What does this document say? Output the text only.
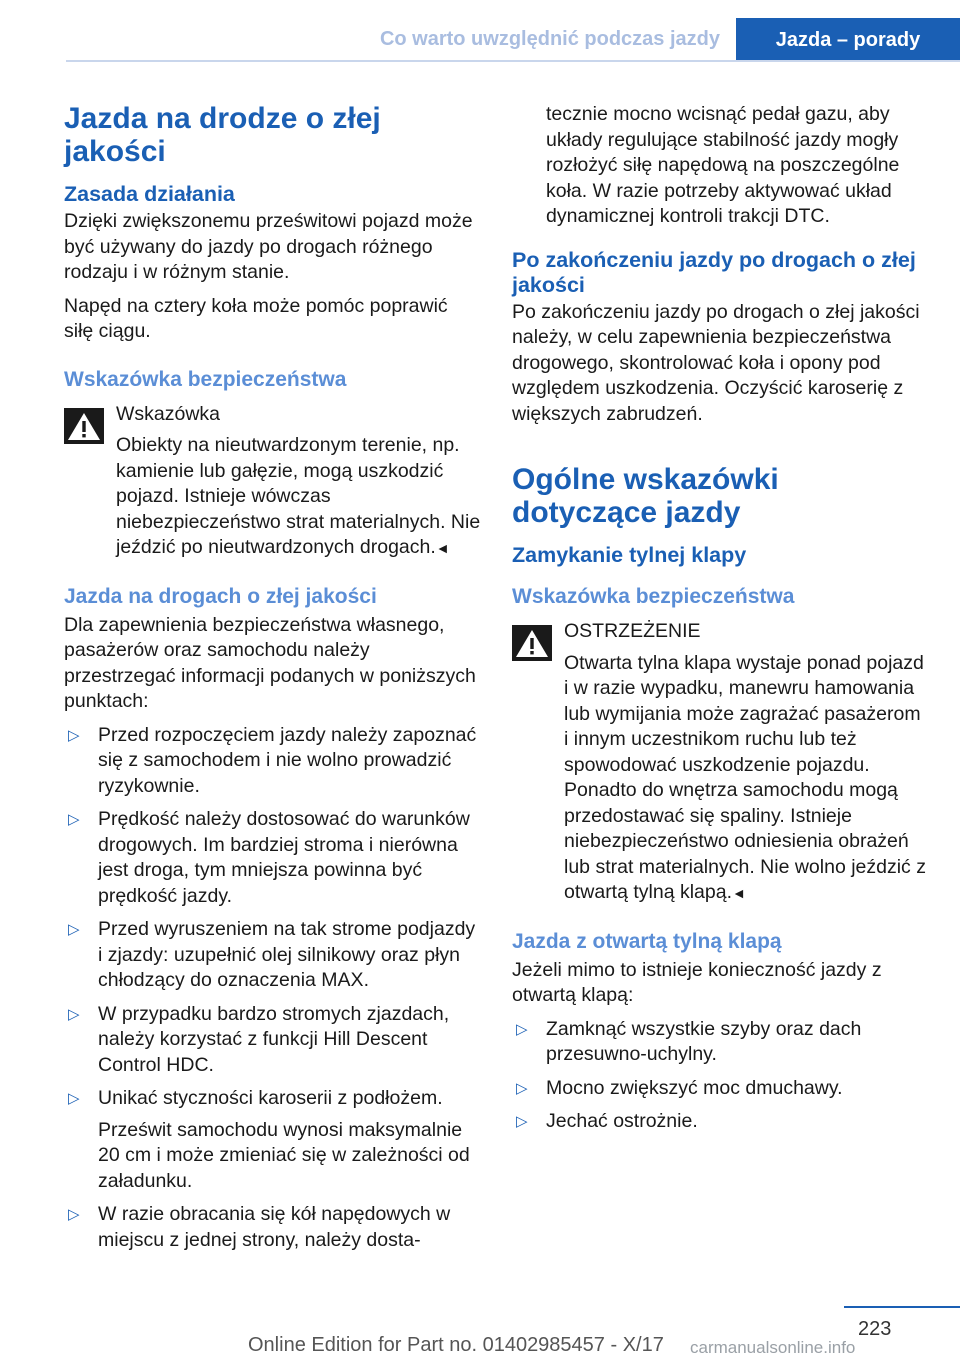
Co warto uwzględnić podczas jazdy	Jazda – porady
Jazda na drodze o złej jakości
Zasada działania

Dzięki zwiększonemu prześwitowi pojazd może być używany do jazdy po drogach różnego rodzaju i w różnym stanie.

Napęd na cztery koła może pomóc poprawić siłę ciągu.

Wskazówka bezpieczeństwa
Wskazówka
Obiekty na nieutwardzonym terenie, np. kamienie lub gałęzie, mogą uszkodzić pojazd. Istnieje wówczas niebezpieczeństwo strat materialnych. Nie jeździć po nieutwardzonych drogach.◄
Jazda na drogach o złej jakości

Dla zapewnienia bezpieczeństwa własnego, pasażerów oraz samochodu należy przestrzegać informacji podanych w poniższych punktach:

▷ Przed rozpoczęciem jazdy należy zapoznać się z samochodem i nie wolno prowadzić ryzykownie.
▷ Prędkość należy dostosować do warunków drogowych. Im bardziej stroma i nierówna jest droga, tym mniejsza powinna być prędkość jazdy.
▷ Przed wyruszeniem na tak strome podjazdy i zjazdy: uzupełnić olej silnikowy oraz płyn chłodzący do oznaczenia MAX.
▷ W przypadku bardzo stromych zjazdach, należy korzystać z funkcji Hill Descent Control HDC.
▷ Unikać styczności karoserii z podłożem.
Prześwit samochodu wynosi maksymalnie 20 cm i może zmieniać się w zależności od załadunku.
▷ W razie obracania się kół napędowych w miejscu z jednej strony, należy dosta-
tecznie mocno wcisnąć pedał gazu, aby układy regulujące stabilność jazdy mogły rozłożyć siłę napędową na poszczególne koła. W razie potrzeby aktywować układ dynamicznej kontroli trakcji DTC.
Po zakończeniu jazdy po drogach o złej jakości

Po zakończeniu jazdy po drogach o złej jakości należy, w celu zapewnienia bezpieczeństwa drogowego, skontrolować koła i opony pod względem uszkodzenia. Oczyścić karoserię z większych zabrudzeń.

Ogólne wskazówki dotyczące jazdy
Zamykanie tylnej klapy
Wskazówka bezpieczeństwa
OSTRZEŻENIE
Otwarta tylna klapa wystaje ponad pojazd i w razie wypadku, manewru hamowania lub wymijania może zagrażać pasażerom i innym uczestnikom ruchu lub też spowodować uszkodzenie pojazdu. Ponadto do wnętrza samochodu mogą przedostawać się spaliny. Istnieje niebezpieczeństwo odniesienia obrażeń lub strat materialnych. Nie wolno jeździć z otwartą tylną klapą.◄
Jazda z otwartą tylną klapą

Jeżeli mimo to istnieje konieczność jazdy z otwartą klapą:

▷ Zamknąć wszystkie szyby oraz dach przesuwno-uchylny.
▷ Mocno zwiększyć moc dmuchawy.
▷ Jechać ostrożnie.
223
Online Edition for Part no. 01402985457 - X/17 carmanualsonline.info
